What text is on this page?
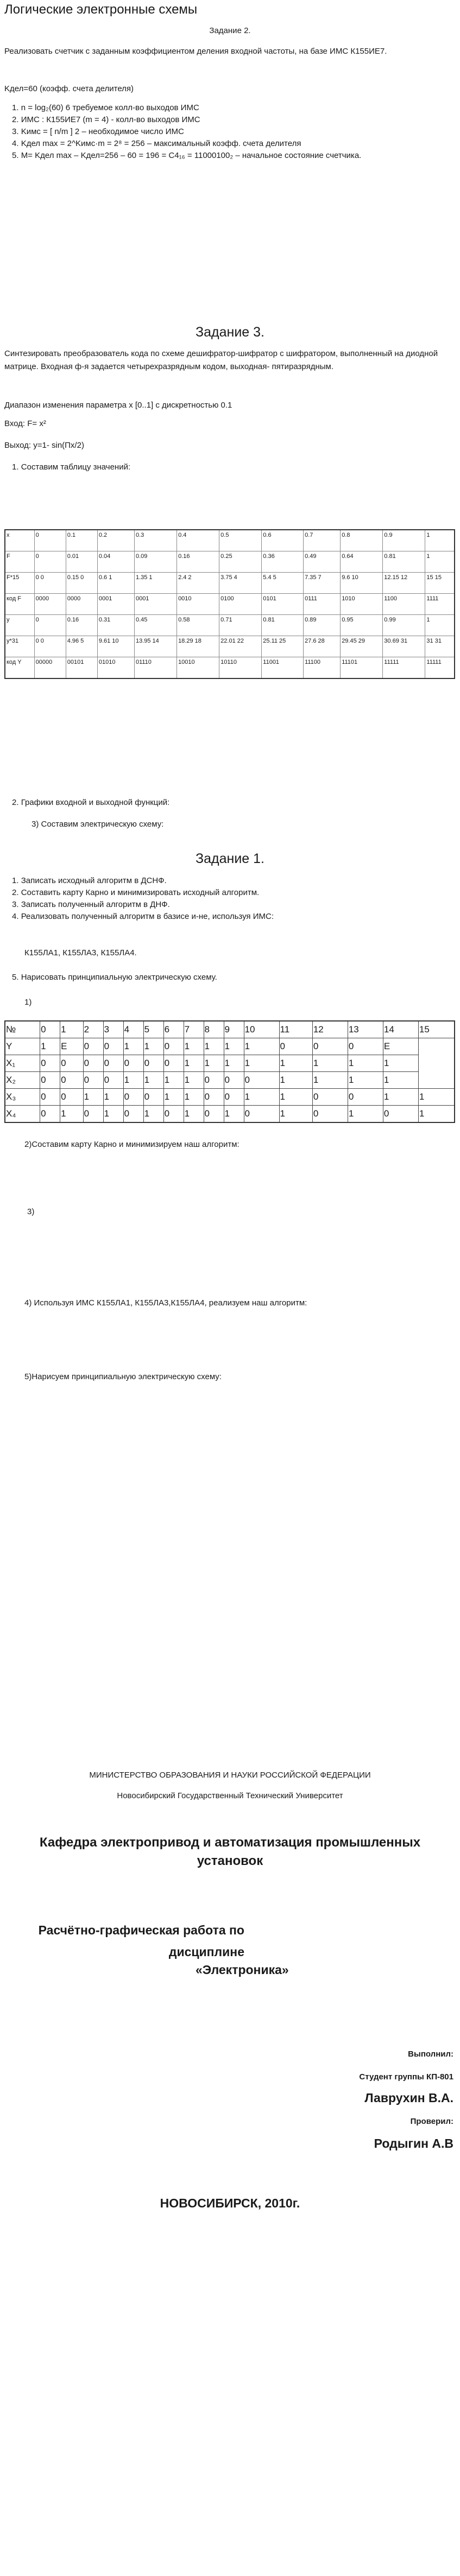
Логические электронные схемы
Задание 2.
Реализовать счетчик с заданным коэффициентом деления входной частоты, на базе ИМС К155ИЕ7.
Kдел=60 (коэфф. счета делителя)
1. n = log₂(60) 6 требуемое колл-во выходов ИМС
2. ИМС : К155ИЕ7 (m = 4) - колл-во выходов ИМС
3. Kимс = [ n/m ] 2 – необходимое число ИМС
4. Kдел max = 2^Kимс·m = 2⁸ = 256 – максимальный коэфф. счета делителя
5. M= Kдел max – Kдел=256 – 60 = 196 = C4₁₆ = 11000100₂ – начальное состояние счетчика.
Задание 3.
Синтезировать преобразователь кода по схеме дешифратор-шифратор с шифратором, выполненный на диодной матрице. Входная ф-я задается четырехразрядным кодом, выходная- пятиразрядным.
Диапазон изменения параметра x [0..1] с дискретностью 0.1
Вход: F= x²
Выход: y=1- sin(Пx/2)
1. Составим таблицу значений:
x	0	0.1	0.2	0.3	0.4	0.5	0.6	0.7	0.8	0.9	1
F	0	0.01	0.04	0.09	0.16	0.25	0.36	0.49	0.64	0.81	1
F*15	0 0	0.15 0	0.6 1	1.35 1	2.4 2	3.75 4	5.4 5	7.35 7	9.6 10	12.15 12	15 15
код F	0000	0000	0001	0001	0010	0100	0101	0111	1010	1100	1111
y	0	0.16	0.31	0.45	0.58	0.71	0.81	0.89	0.95	0.99	1
y*31	0 0	4.96 5	9.61 10	13.95 14	18.29 18	22.01 22	25.11 25	27.6 28	29.45 29	30.69 31	31 31
код Y	00000	00101	01010	01110	10010	10110	11001	11100	11101	11111	11111
2. Графики входной и выходной функций:
3) Составим электрическую схему:
Задание 1.
1. Записать исходный алгоритм в ДСНФ.
2. Составить карту Карно и минимизировать исходный алгоритм.
3. Записать полученный алгоритм в ДНФ.
4. Реализовать полученный алгоритм в базисе и-не, используя ИМС:
К155ЛА1, К155ЛА3, К155ЛА4.
5. Нарисовать принципиальную электрическую схему.
1)
№	0	1	2	3	4	5	6	7	8	9	10	11	12	13	14	15
Y	1	E	0	0	1	1	0	1	1	1	1	0	0	0	E	
X₁	0	0	0	0	0	0	0	1	1	1	1	1	1	1	1	
X₂	0	0	0	0	1	1	1	1	0	0	0	1	1	1	1	
X₃	0	0	1	1	0	0	1	1	0	0	1	1	0	0	1	1
X₄	0	1	0	1	0	1	0	1	0	1	0	1	0	1	0	1
2)Составим карту Карно и минимизируем наш алгоритм:
3)
4) Используя ИМС К155ЛА1, К155ЛА3,К155ЛА4, реализуем наш алгоритм:
5)Нарисуем принципиальную электрическую схему:
МИНИСТЕРСТВО ОБРАЗОВАНИЯ И НАУКИ РОССИЙСКОЙ ФЕДЕРАЦИИ
Новосибирский Государственный Технический Университет
Кафедра электропривод и автоматизация промышленных установок
Расчётно-графическая работа по дисциплине
«Электроника»
Выполнил:
Студент группы КП-801
Лаврухин В.А.
Проверил:
Родыгин А.В
НОВОСИБИРСК, 2010г.
